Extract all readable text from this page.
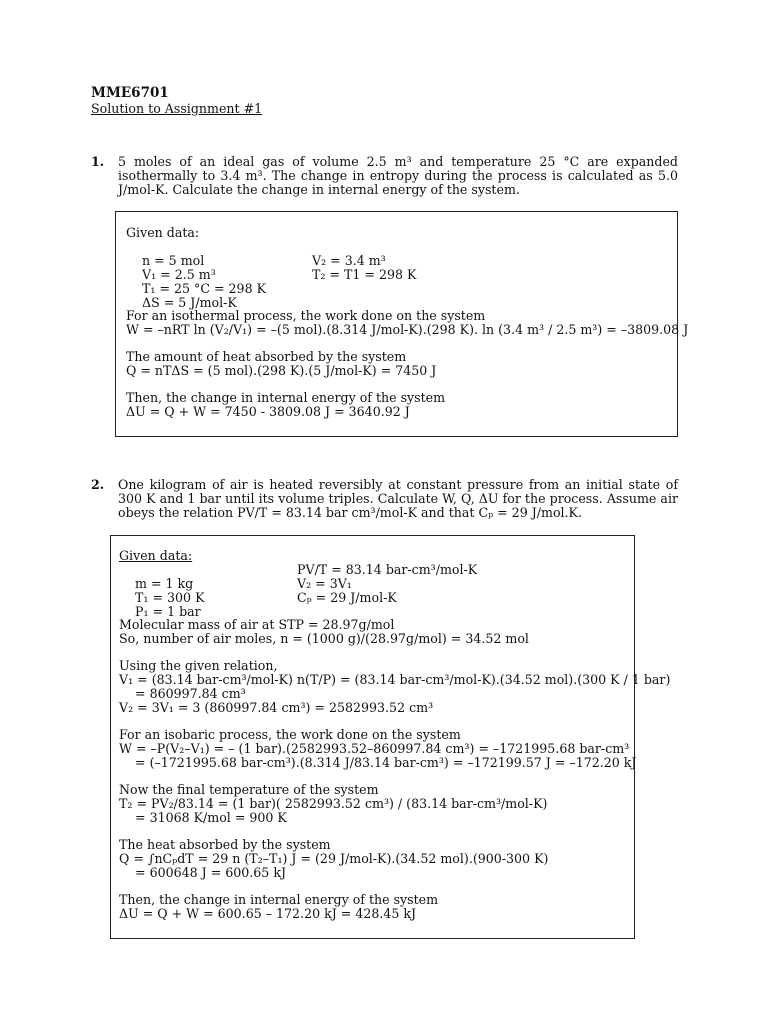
MME6701
Solution to Assignment #1
1. 5 moles of an ideal gas of volume 2.5 m³ and temperature 25 °C are expanded isothermally to 3.4 m³. The change in entropy during the process is calculated as 5.0 J/mol-K. Calculate the change in internal energy of the system.
Given data:

n = 5 mol

V₁ = 2.5 m³

V₂ = 3.4 m³

T₁ = 25 °C = 298 K

T₂ = T1 = 298 K

ΔS = 5 J/mol-K

For an isothermal process, the work done on the system
W = –nRT ln (V₂/V₁) = –(5 mol).(8.314 J/mol-K).(298 K). ln (3.4 m³ / 2.5 m³) = –3809.08 J
The amount of heat absorbed by the system
Q = nTΔS = (5 mol).(298 K).(5 J/mol-K) = 7450 J
Then, the change in internal energy of the system
ΔU = Q + W = 7450 - 3809.08 J = 3640.92 J
2. One kilogram of air is heated reversibly at constant pressure from an initial state of 300 K and 1 bar until its volume triples. Calculate W, Q, ΔU for the process. Assume air obeys the relation PV/T = 83.14 bar cm³/mol-K and that Cₚ = 29 J/mol.K.
Given data:

m = 1 kg

PV/T = 83.14 bar-cm³/mol-K

T₁ = 300 K

V₂ = 3V₁

P₁ = 1 bar

Cₚ = 29 J/mol-K

Molecular mass of air at STP = 28.97g/mol
So, number of air moles, n = (1000 g)/(28.97g/mol) = 34.52 mol
Using the given relation,
V₁ = (83.14 bar-cm³/mol-K) n(T/P) = (83.14 bar-cm³/mol-K).(34.52 mol).(300 K / 1 bar)
= 860997.84 cm³
V₂ = 3V₁ = 3 (860997.84 cm³) = 2582993.52 cm³
For an isobaric process, the work done on the system
W = –P(V₂–V₁) = – (1 bar).(2582993.52–860997.84 cm³) = –1721995.68 bar-cm³
= (–1721995.68 bar-cm³).(8.314 J/83.14 bar-cm³) = –172199.57 J = –172.20 kJ
Now the final temperature of the system
T₂ = PV₂/83.14 = (1 bar)( 2582993.52 cm³) / (83.14 bar-cm³/mol-K)
= 31068 K/mol = 900 K
The heat absorbed by the system
Q = ∫nCₚdT = 29 n (T₂–T₁) J = (29 J/mol-K).(34.52 mol).(900-300 K)
= 600648 J = 600.65 kJ
Then, the change in internal energy of the system
ΔU = Q + W = 600.65 – 172.20 kJ = 428.45 kJ
